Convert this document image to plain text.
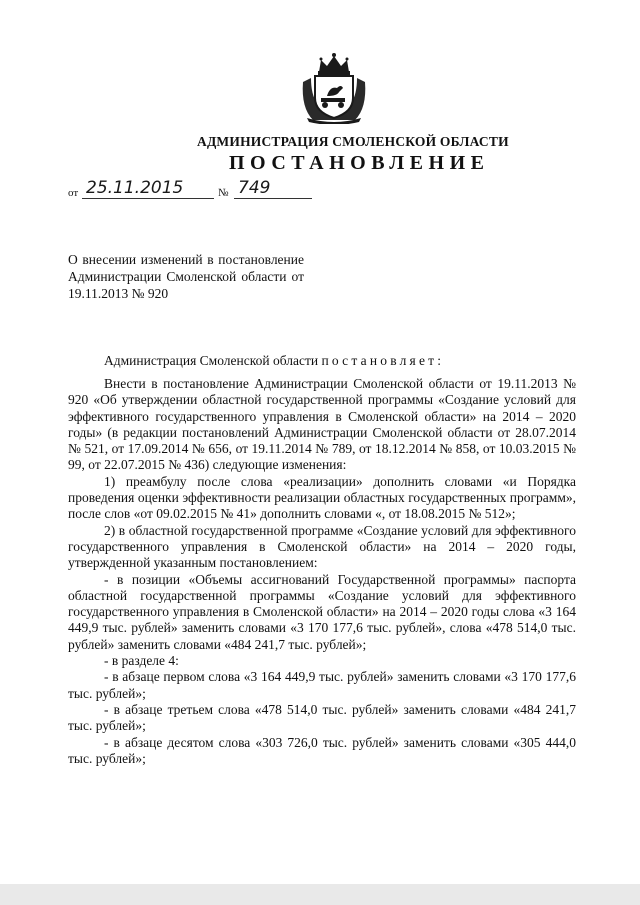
АДМИНИСТРАЦИЯ СМОЛЕНСКОЙ ОБЛАСТИ
ПОСТАНОВЛЕНИЕ
от 25.11.2015	№ 749
О внесении изменений в постановление Администрации Смоленской области от 19.11.2013 № 920
Администрация Смоленской области постановляет:

Внести в постановление Администрации Смоленской области от 19.11.2013 № 920 «Об утверждении областной государственной программы «Создание условий для эффективного государственного управления в Смоленской области» на 2014 – 2020 годы» (в редакции постановлений Администрации Смоленской области от 28.07.2014 № 521, от 17.09.2014 № 656, от 19.11.2014 № 789, от 18.12.2014 № 858, от 10.03.2015 № 99, от 22.07.2015 № 436) следующие изменения:

1) преамбулу после слова «реализации» дополнить словами «и Порядка проведения оценки эффективности реализации областных государственных программ», после слов «от 09.02.2015 № 41» дополнить словами «, от 18.08.2015 № 512»;

2) в областной государственной программе «Создание условий для эффективного государственного управления в Смоленской области» на 2014 – 2020 годы, утвержденной указанным постановлением:

- в позиции «Объемы ассигнований Государственной программы» паспорта областной государственной программы «Создание условий для эффективного государственного управления в Смоленской области» на 2014 – 2020 годы слова «3 164 449,9 тыс. рублей» заменить словами «3 170 177,6 тыс. рублей», слова «478 514,0 тыс. рублей» заменить словами «484 241,7 тыс. рублей»;

- в разделе 4:

- в абзаце первом слова «3 164 449,9 тыс. рублей» заменить словами «3 170 177,6 тыс. рублей»;

- в абзаце третьем слова «478 514,0 тыс. рублей» заменить словами «484 241,7 тыс. рублей»;

- в абзаце десятом слова «303 726,0 тыс. рублей» заменить словами «305 444,0 тыс. рублей»;
